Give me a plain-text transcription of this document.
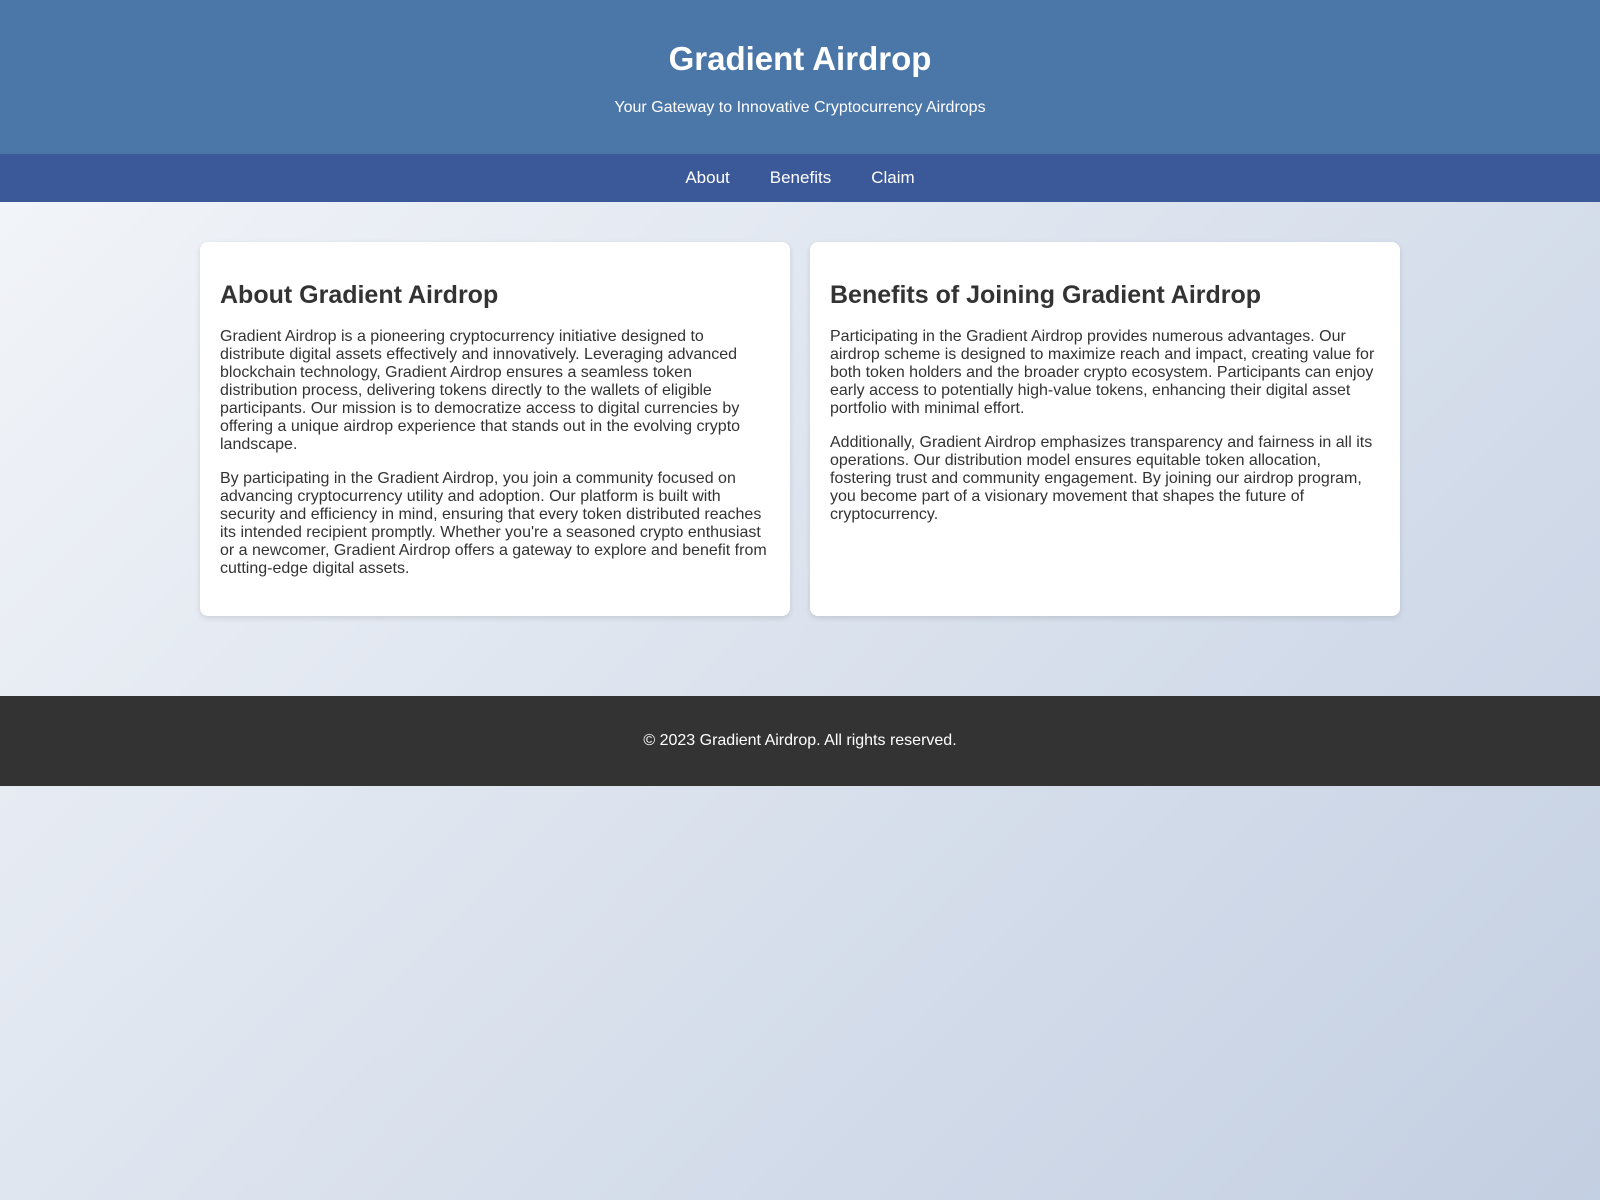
Gradient Airdrop

Your Gateway to Innovative Cryptocurrency Airdrops

About Benefits Claim
About Gradient Airdrop

Gradient Airdrop is a pioneering cryptocurrency initiative designed to distribute digital assets effectively and innovatively. Leveraging advanced blockchain technology, Gradient Airdrop ensures a seamless token distribution process, delivering tokens directly to the wallets of eligible participants. Our mission is to democratize access to digital currencies by offering a unique airdrop experience that stands out in the evolving crypto landscape.

By participating in the Gradient Airdrop, you join a community focused on advancing cryptocurrency utility and adoption. Our platform is built with security and efficiency in mind, ensuring that every token distributed reaches its intended recipient promptly. Whether you're a seasoned crypto enthusiast or a newcomer, Gradient Airdrop offers a gateway to explore and benefit from cutting-edge digital assets.

Benefits of Joining Gradient Airdrop

Participating in the Gradient Airdrop provides numerous advantages. Our airdrop scheme is designed to maximize reach and impact, creating value for both token holders and the broader crypto ecosystem. Participants can enjoy early access to potentially high-value tokens, enhancing their digital asset portfolio with minimal effort.

Additionally, Gradient Airdrop emphasizes transparency and fairness in all its operations. Our distribution model ensures equitable token allocation, fostering trust and community engagement. By joining our airdrop program, you become part of a visionary movement that shapes the future of cryptocurrency.

© 2023 Gradient Airdrop. All rights reserved.
